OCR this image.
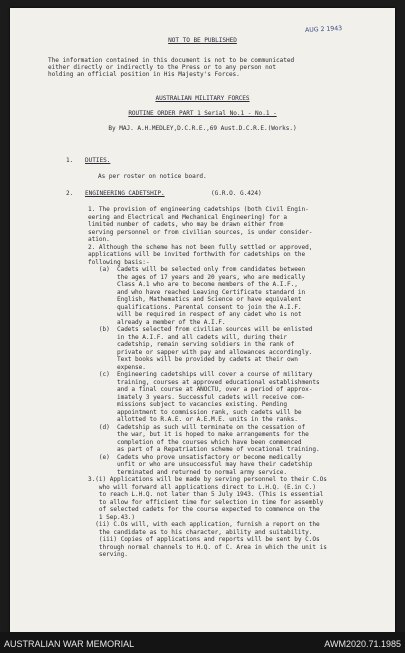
AUG 2 1943
NOT TO BE PUBLISHED
The information contained in this document is not to be communicated
either directly or indirectly to the Press or to any person not
holding an official position in His Majesty's Forces.
AUSTRALIAN MILITARY FORCES
ROUTINE ORDER PART 1 Serial No.1 - No.1 -
By MAJ. A.H.MEDLEY,D.C.R.E.,69 Aust.D.C.R.E.(Works.)
1. DUTIES.
As per roster on notice board.
2. ENGINEERING CADETSHIP.	(G.R.O. G.424)
1. The provision of engineering cadetships (both Civil Engin-
eering and Electrical and Mechanical Engineering) for a
limited number of cadets, who may be drawn either from
serving personnel or from civilian sources, is under consider-
ation.
2. Although the scheme has not been fully settled or approved,
applications will be invited forthwith for cadetships on the
following basis:-
(a)  Cadets will be selected only from candidates between
the ages of 17 years and 20 years, who are medically
Class A.1 who are to become members of the A.I.F.,
and who have reached Leaving Certificate standard in
English, Mathematics and Science or have equivalent
qualifications. Parental consent to join the A.I.F.
will be required in respect of any cadet who is not
already a member of the A.I.F.
(b)  Cadets selected from civilian sources will be enlisted
in the A.I.F. and all cadets will, during their
cadetship, remain serving soldiers in the rank of
private or sapper with pay and allowances accordingly.
Text books will be provided by cadets at their own
expense.
(c)  Engineering cadetships will cover a course of military
training, courses at approved educational establishments
and a final course at ANOCTU, over a period of approx-
imately 3 years. Successful cadets will receive com-
missions subject to vacancies existing. Pending
appointment to commission rank, such cadets will be
allotted to R.A.E. or A.E.M.E. units in the ranks.
(d)  Cadetship as such will terminate on the cessation of
the war, but it is hoped to make arrangements for the
completion of the courses which have been commenced
as part of a Repatriation scheme of vocational training.
(e)  Cadets who prove unsatisfactory or become medically
unfit or who are unsuccessful may have their cadetship
terminated and returned to normal army service.
3.(i) Applications will be made by serving personnel to their C.Os
who will forward all applications direct to L.H.Q. (E.in C.)
to reach L.H.Q. not later than 5 July 1943. (This is essential
to allow for efficient time for selection in time for assembly
of selected cadets for the course expected to commence on the
1 Sep.43.)
(ii) C.Os will, with each application, furnish a report on the
the candidate as to his character, ability and suitability.
(iii) Copies of applications and reports will be sent by C.Os
through normal channels to H.Q. of C. Area in which the unit is
serving.
AUSTRALIAN WAR MEMORIAL	AWM2020.71.1985
